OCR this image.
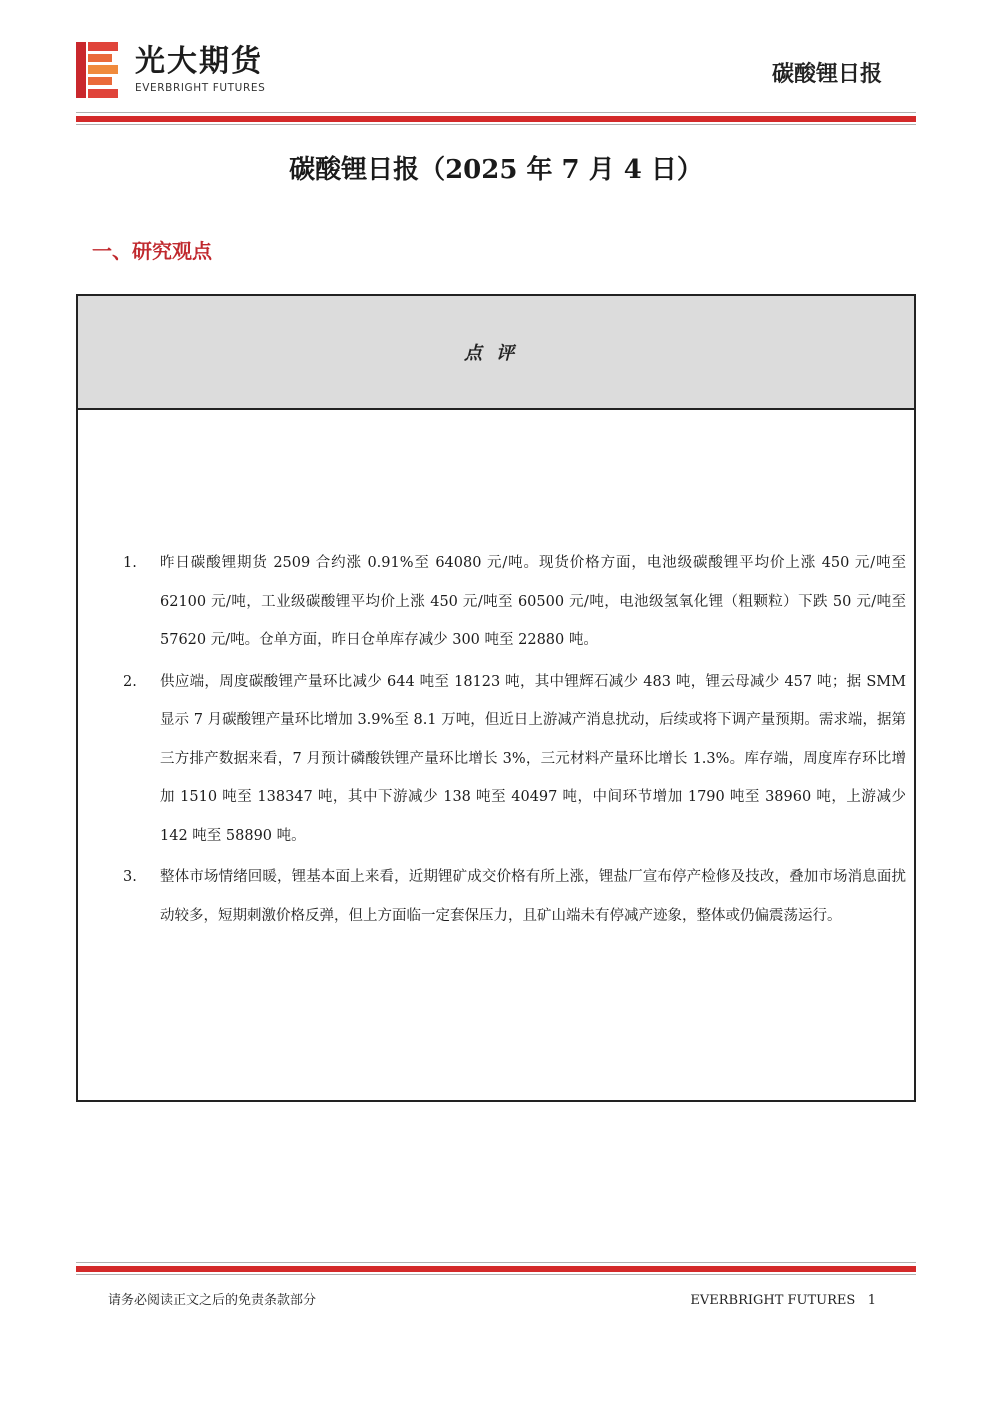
光大期货
EVERBRIGHT FUTURES
碳酸锂日报
碳酸锂日报（2025 年 7 月 4 日）
一、研究观点
点评
1. 昨日碳酸锂期货 2509 合约涨 0.91%至 64080 元/吨。现货价格方面，电池级碳酸锂平均价上涨 450 元/吨至 62100 元/吨，工业级碳酸锂平均价上涨 450 元/吨至 60500 元/吨，电池级氢氧化锂（粗颗粒）下跌 50 元/吨至 57620 元/吨。仓单方面，昨日仓单库存减少 300 吨至 22880 吨。
2. 供应端，周度碳酸锂产量环比减少 644 吨至 18123 吨，其中锂辉石减少 483 吨，锂云母减少 457 吨；据 SMM 显示 7 月碳酸锂产量环比增加 3.9%至 8.1 万吨，但近日上游减产消息扰动，后续或将下调产量预期。需求端，据第三方排产数据来看，7 月预计磷酸铁锂产量环比增长 3%，三元材料产量环比增长 1.3%。库存端，周度库存环比增加 1510 吨至 138347 吨，其中下游减少 138 吨至 40497 吨，中间环节增加 1790 吨至 38960 吨，上游减少 142 吨至 58890 吨。
3. 整体市场情绪回暖，锂基本面上来看，近期锂矿成交价格有所上涨，锂盐厂宣布停产检修及技改，叠加市场消息面扰动较多，短期刺激价格反弹，但上方面临一定套保压力，且矿山端未有停减产迹象，整体或仍偏震荡运行。
请务必阅读正文之后的免责条款部分	EVERBRIGHT FUTURES 1
